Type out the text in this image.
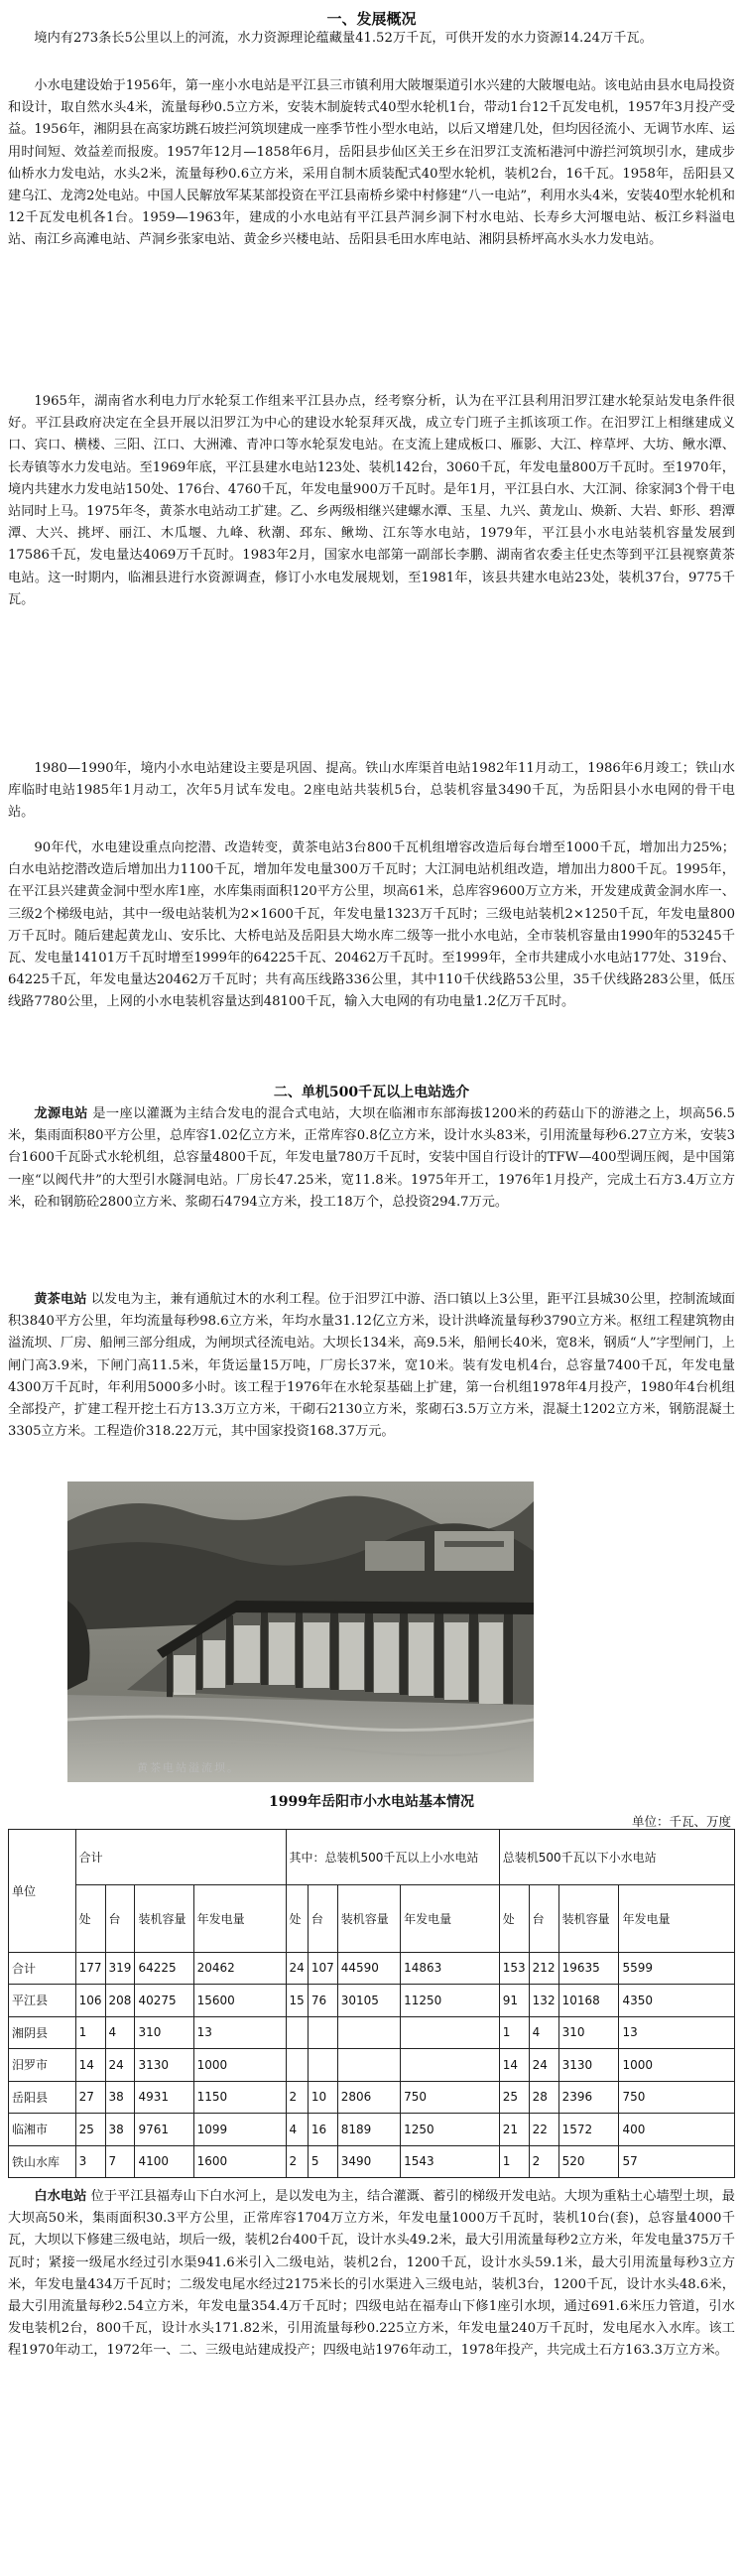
一、发展概况
境内有273条长5公里以上的河流，水力资源理论蕴藏量41.52万千瓦，可供开发的水力资源14.24万千瓦。
小水电建设始于1956年，第一座小水电站是平江县三市镇利用大陂堰渠道引水兴建的大陂堰电站。该电站由县水电局投资和设计，取自然水头4米，流量每秒0.5立方米，安装木制旋转式40型水轮机1台，带动1台12千瓦发电机，1957年3月投产受益。1956年，湘阴县在高家坊跳石坡拦河筑坝建成一座季节性小型水电站，以后又增建几处，但均因径流小、无调节水库、运用时间短、效益差而报废。1957年12月—1858年6月，岳阳县步仙区关王乡在汨罗江支流柘港河中游拦河筑坝引水，建成步仙桥水力发电站，水头2米，流量每秒0.6立方米，采用自制木质装配式40型水轮机，装机2台，16千瓦。1958年，岳阳县又建乌江、龙湾2处电站。中国人民解放军某某部投资在平江县南桥乡梁中村修建“八一电站”，利用水头4米，安装40型水轮机和12千瓦发电机各1台。1959—1963年，建成的小水电站有平江县芦洞乡洞下村水电站、长寿乡大河堰电站、板江乡料溢电站、南江乡高滩电站、芦洞乡张家电站、黄金乡兴楼电站、岳阳县毛田水库电站、湘阴县桥坪高水头水力发电站。
1965年，湖南省水利电力厅水轮泵工作组来平江县办点，经考察分析，认为在平江县利用汨罗江建水轮泵站发电条件很好。平江县政府决定在全县开展以汨罗江为中心的建设水轮泵拜灭战，成立专门班子主抓该项工作。在汨罗江上相继建成义口、宾口、横楼、三阳、江口、大洲滩、青冲口等水轮泵发电站。在支流上建成板口、雁影、大江、梓草坪、大坊、鳅水潭、长寿镇等水力发电站。至1969年底，平江县建水电站123处、装机142台，3060千瓦，年发电量800万千瓦时。至1970年，境内共建水力发电站150处、176台、4760千瓦，年发电量900万千瓦时。是年1月，平江县白水、大江洞、徐家洞3个骨干电站同时上马。1975年冬，黄茶水电站动工扩建。乙、乡两级相继兴建螺水潭、玉星、九兴、黄龙山、焕新、大岩、虾形、碧潭潭、大兴、挑坪、丽江、木瓜堰、九峰、秋潮、邳东、鳅坳、江东等水电站，1979年，平江县小水电站装机容量发展到17586千瓦，发电量达4069万千瓦时。1983年2月，国家水电部第一副部长李鹏、湖南省农委主任史杰等到平江县视察黄茶电站。这一时期内，临湘县进行水资源调查，修订小水电发展规划，至1981年，该县共建水电站23处，装机37台，9775千瓦。
1980—1990年，境内小水电站建设主要是巩固、提高。铁山水库渠首电站1982年11月动工，1986年6月竣工；铁山水库临时电站1985年1月动工，次年5月试车发电。2座电站共装机5台，总装机容量3490千瓦，为岳阳县小水电网的骨干电站。
90年代，水电建设重点向挖潜、改造转变，黄茶电站3台800千瓦机组增容改造后每台增至1000千瓦，增加出力25%；白水电站挖潜改造后增加出力1100千瓦，增加年发电量300万千瓦时；大江洞电站机组改造，增加出力800千瓦。1995年，在平江县兴建黄金洞中型水库1座，水库集雨面积120平方公里，坝高61米，总库容9600万立方米，开发建成黄金洞水库一、三级2个梯级电站，其中一级电站装机为2×1600千瓦，年发电量1323万千瓦时；三级电站装机2×1250千瓦，年发电量800万千瓦时。随后建起黄龙山、安乐比、大桥电站及岳阳县大坳水库二级等一批小水电站，全市装机容量由1990年的53245千瓦、发电量14101万千瓦时增至1999年的64225千瓦、20462万千瓦时。至1999年，全市共建成小水电站177处、319台、64225千瓦，年发电量达20462万千瓦时；共有高压线路336公里，其中110千伏线路53公里，35千伏线路283公里，低压线路7780公里，上网的小水电装机容量达到48100千瓦，输入大电网的有功电量1.2亿万千瓦时。
二、单机500千瓦以上电站选介
龙源电站 是一座以灌溉为主结合发电的混合式电站，大坝在临湘市东部海拔1200米的药菇山下的游港之上，坝高56.5米，集雨面积80平方公里，总库容1.02亿立方米，正常库容0.8亿立方米，设计水头83米，引用流量每秒6.27立方米，安装3台1600千瓦卧式水轮机组，总容量4800千瓦，年发电量780万千瓦时，安装中国自行设计的TFW—400型调压阀，是中国第一座“以阀代井”的大型引水隧洞电站。厂房长47.25米，宽11.8米。1975年开工，1976年1月投产，完成土石方3.4万立方米，砼和钢筋砼2800立方米、浆砌石4794立方米，投工18万个，总投资294.7万元。
黄茶电站 以发电为主，兼有通航过木的水利工程。位于汨罗江中游、浯口镇以上3公里，距平江县城30公里，控制流域面积3840平方公里，年均流量每秒98.6立方米，年均水量31.12亿立方米，设计洪峰流量每秒3790立方米。枢纽工程建筑物由溢流坝、厂房、船闸三部分组成，为闸坝式径流电站。大坝长134米，高9.5米，船闸长40米，宽8米，钢质“人”字型闸门，上闸门高3.9米，下闸门高11.5米，年货运量15万吨，厂房长37米，宽10米。装有发电机4台，总容量7400千瓦，年发电量4300万千瓦时，年利用5000多小时。该工程于1976年在水轮泵基础上扩建，第一台机组1978年4月投产，1980年4台机组全部投产，扩建工程开挖土石方13.3万立方米，干砌石2130立方米，浆砌石3.5万立方米，混凝土1202立方米，钢筋混凝土3305立方米。工程造价318.22万元，其中国家投资168.37万元。
黄茶电站溢流坝。
1999年岳阳市小水电站基本情况
单位：千瓦、万度
单位	合计				其中：总装机500千瓦以上小水电站				总装机500千瓦以下小水电站			
	处	台	装机容量	年发电量	处	台	装机容量	年发电量	处	台	装机容量	年发电量
合计	177	319	64225	20462	24	107	44590	14863	153	212	19635	5599
平江县	106	208	40275	15600	15	76	30105	11250	91	132	10168	4350
湘阴县	1	4	310	13					1	4	310	13
汨罗市	14	24	3130	1000					14	24	3130	1000
岳阳县	27	38	4931	1150	2	10	2806	750	25	28	2396	750
临湘市	25	38	9761	1099	4	16	8189	1250	21	22	1572	400
铁山水库	3	7	4100	1600	2	5	3490	1543	1	2	520	57
白水电站 位于平江县福寿山下白水河上，是以发电为主，结合灌溉、蓄引的梯级开发电站。大坝为重粘土心墙型土坝，最大坝高50米，集雨面积30.3平方公里，正常库容1704万立方米，年发电量1000万千瓦时，装机10台(套)，总容量4000千瓦，大坝以下修建三级电站，坝后一级，装机2台400千瓦，设计水头49.2米，最大引用流量每秒2立方米，年发电量375万千瓦时；紧接一级尾水经过引水渠941.6米引入二级电站，装机2台，1200千瓦，设计水头59.1米，最大引用流量每秒3立方米，年发电量434万千瓦时；二级发电尾水经过2175米长的引水渠进入三级电站，装机3台，1200千瓦，设计水头48.6米，最大引用流量每秒2.54立方米，年发电量354.4万千瓦时；四级电站在福寿山下修1座引水坝，通过691.6米压力管道，引水发电装机2台，800千瓦，设计水头171.82米，引用流量每秒0.225立方米，年发电量240万千瓦时，发电尾水入水库。该工程1970年动工，1972年一、二、三级电站建成投产；四级电站1976年动工，1978年投产，共完成土石方163.3万立方米。
